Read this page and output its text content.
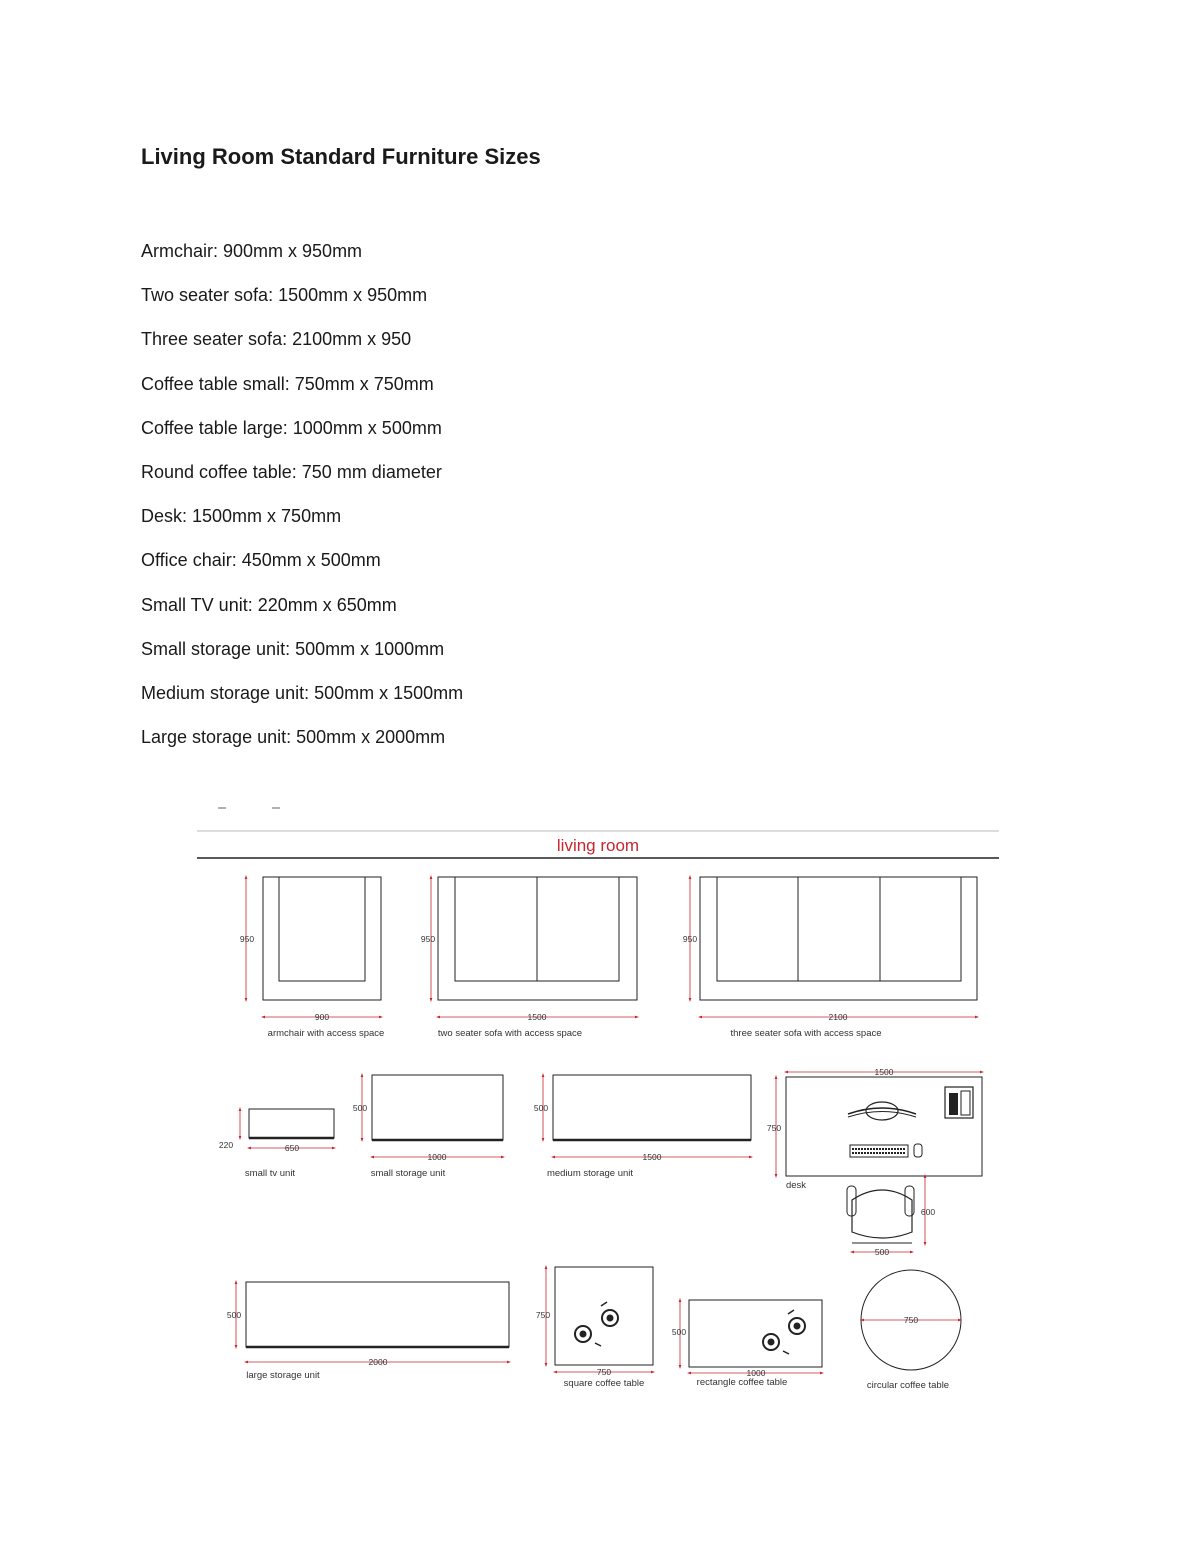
Living Room Standard Furniture Sizes
Armchair: 900mm x 950mm
Two seater sofa: 1500mm x 950mm
Three seater sofa: 2100mm x 950
Coffee table small: 750mm x 750mm
Coffee table large: 1000mm x 500mm
Round coffee table: 750 mm diameter
Desk: 1500mm x 750mm
Office chair: 450mm x 500mm
Small TV unit: 220mm x 650mm
Small storage unit: 500mm x 1000mm
Medium storage unit: 500mm x 1500mm
Large storage unit: 500mm x 2000mm
living room
950
900
armchair with access space
950
1500
two seater sofa with access space
950
2100
three seater sofa with access space
220	650
small tv unit
500
1000
small storage unit
500
1500
medium storage unit
1500
750
desk
600
500
500
2000
large storage unit
750
750
square coffee table
500
1000
rectangle coffee table
750
circular coffee table
